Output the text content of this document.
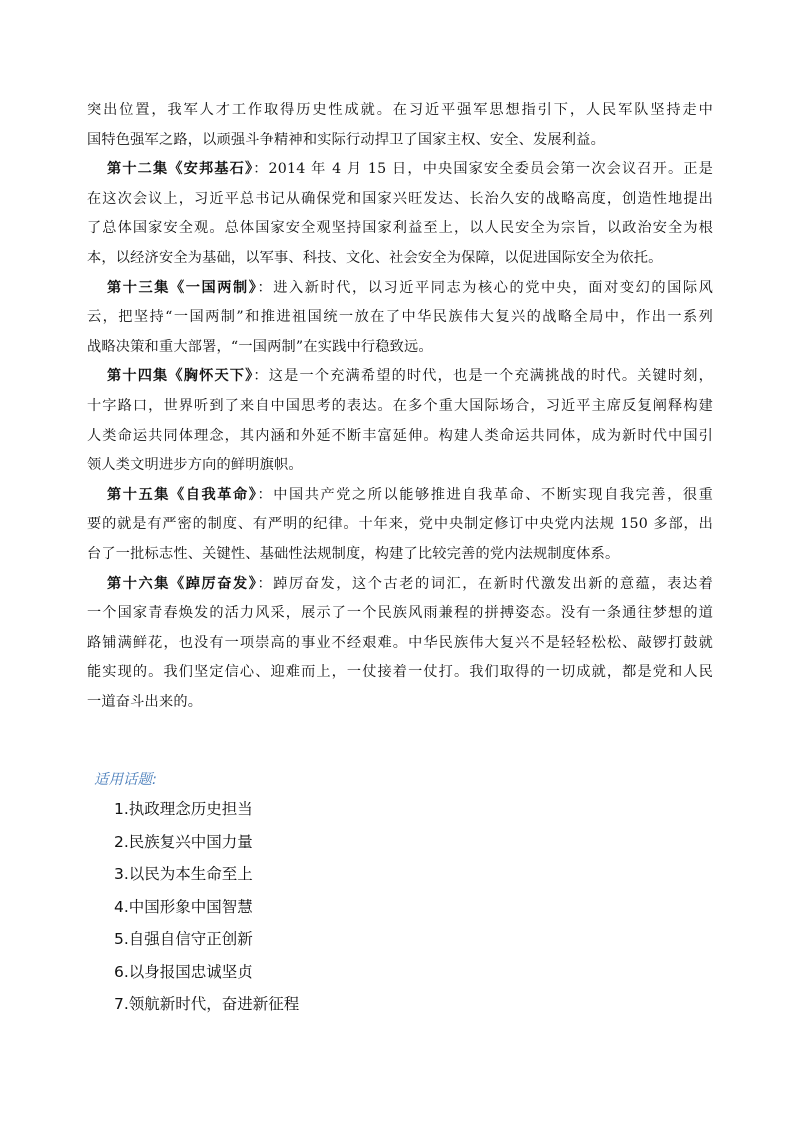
突出位置，我军人才工作取得历史性成就。在习近平强军思想指引下，人民军队坚持走中
国特色强军之路，以顽强斗争精神和实际行动捍卫了国家主权、安全、发展利益。
第十二集《安邦基石》：2014 年 4 月 15 日，中央国家安全委员会第一次会议召开。正是
在这次会议上，习近平总书记从确保党和国家兴旺发达、长治久安的战略高度，创造性地提出
了总体国家安全观。总体国家安全观坚持国家利益至上，以人民安全为宗旨，以政治安全为根
本，以经济安全为基础，以军事、科技、文化、社会安全为保障，以促进国际安全为依托。
第十三集《一国两制》：进入新时代，以习近平同志为核心的党中央，面对变幻的国际风
云，把坚持“一国两制”和推进祖国统一放在了中华民族伟大复兴的战略全局中，作出一系列
战略决策和重大部署，“一国两制”在实践中行稳致远。
第十四集《胸怀天下》：这是一个充满希望的时代，也是一个充满挑战的时代。关键时刻，
十字路口，世界听到了来自中国思考的表达。在多个重大国际场合，习近平主席反复阐释构建
人类命运共同体理念，其内涵和外延不断丰富延伸。构建人类命运共同体，成为新时代中国引
领人类文明进步方向的鲜明旗帜。
第十五集《自我革命》：中国共产党之所以能够推进自我革命、不断实现自我完善，很重
要的就是有严密的制度、有严明的纪律。十年来，党中央制定修订中央党内法规 150 多部，出
台了一批标志性、关键性、基础性法规制度，构建了比较完善的党内法规制度体系。
第十六集《踔厉奋发》：踔厉奋发，这个古老的词汇，在新时代激发出新的意蕴，表达着
一个国家青春焕发的活力风采，展示了一个民族风雨兼程的拼搏姿态。没有一条通往梦想的道
路铺满鲜花，也没有一项崇高的事业不经艰难。中华民族伟大复兴不是轻轻松松、敲锣打鼓就
能实现的。我们坚定信心、迎难而上，一仗接着一仗打。我们取得的一切成就，都是党和人民
一道奋斗出来的。
适用话题:
1.执政理念历史担当
2.民族复兴中国力量
3.以民为本生命至上
4.中国形象中国智慧
5.自强自信守正创新
6.以身报国忠诚坚贞
7.领航新时代，奋进新征程
